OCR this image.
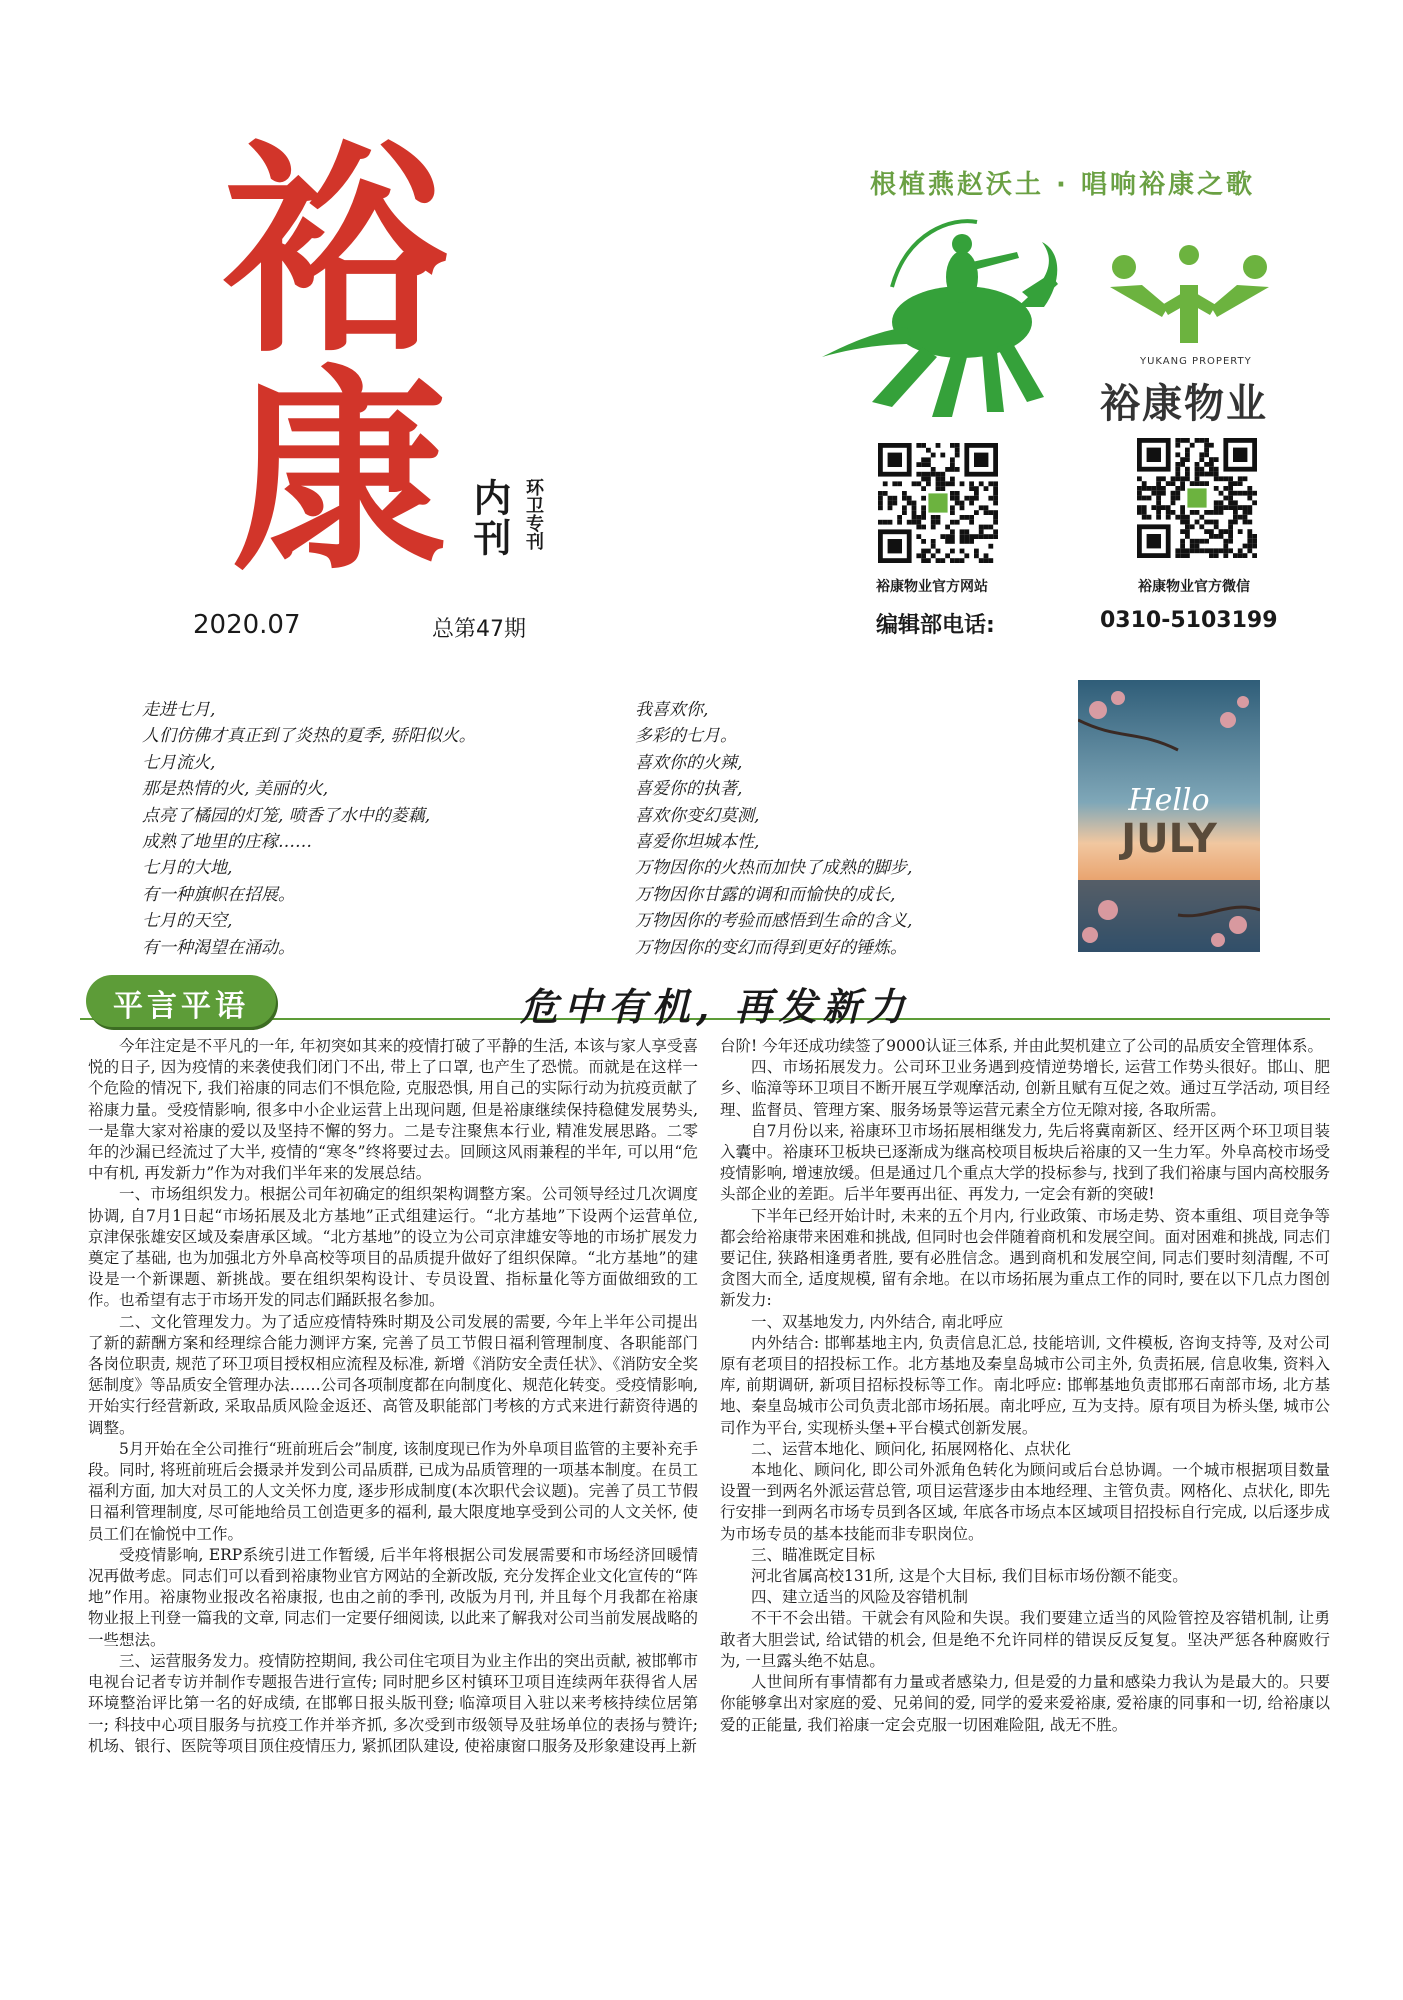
裕
康 内刊 环卫专刊
2020.07	总第47期
根植燕赵沃土 · 唱响裕康之歌
YUKANG PROPERTY
裕康物业
裕康物业官方网站	裕康物业官方微信
编辑部电话:	0310-5103199
走进七月,
人们仿佛才真正到了炎热的夏季, 骄阳似火。
七月流火,
那是热情的火, 美丽的火,
点亮了橘园的灯笼, 喷香了水中的菱藕,
成熟了地里的庄稼……
七月的大地,
有一种旗帜在招展。
七月的天空,
有一种渴望在涌动。
我喜欢你,
多彩的七月。
喜欢你的火辣,
喜爱你的执著,
喜欢你变幻莫测,
喜爱你坦城本性,
万物因你的火热而加快了成熟的脚步,
万物因你甘露的调和而愉快的成长,
万物因你的考验而感悟到生命的含义,
万物因你的变幻而得到更好的锤炼。
Hello
JULY
平言平语	危中有机, 再发新力

今年注定是不平凡的一年, 年初突如其来的疫情打破了平静的生活, 本该与家人享受喜悦的日子, 因为疫情的来袭使我们闭门不出, 带上了口罩, 也产生了恐慌。而就是在这样一个危险的情况下, 我们裕康的同志们不惧危险, 克服恐惧, 用自己的实际行动为抗疫贡献了裕康力量。受疫情影响, 很多中小企业运营上出现问题, 但是裕康继续保持稳健发展势头, 一是靠大家对裕康的爱以及坚持不懈的努力。二是专注聚焦本行业, 精准发展思路。二零年的沙漏已经流过了大半, 疫情的“寒冬”终将要过去。回顾这风雨兼程的半年, 可以用“危中有机, 再发新力”作为对我们半年来的发展总结。

一、市场组织发力。根据公司年初确定的组织架构调整方案。公司领导经过几次调度协调, 自7月1日起“市场拓展及北方基地”正式组建运行。“北方基地”下设两个运营单位, 京津保张雄安区域及秦唐承区域。“北方基地”的设立为公司京津雄安等地的市场扩展发力奠定了基础, 也为加强北方外阜高校等项目的品质提升做好了组织保障。“北方基地”的建设是一个新课题、新挑战。要在组织架构设计、专员设置、指标量化等方面做细致的工作。也希望有志于市场开发的同志们踊跃报名参加。

二、文化管理发力。为了适应疫情特殊时期及公司发展的需要, 今年上半年公司提出了新的薪酬方案和经理综合能力测评方案, 完善了员工节假日福利管理制度、各职能部门各岗位职责, 规范了环卫项目授权相应流程及标准, 新增《消防安全责任状》、《消防安全奖惩制度》等品质安全管理办法……公司各项制度都在向制度化、规范化转变。受疫情影响, 开始实行经营新政, 采取品质风险金返还、高管及职能部门考核的方式来进行薪资待遇的调整。

5月开始在全公司推行“班前班后会”制度, 该制度现已作为外阜项目监管的主要补充手段。同时, 将班前班后会摄录并发到公司品质群, 已成为品质管理的一项基本制度。在员工福利方面, 加大对员工的人文关怀力度, 逐步形成制度(本次职代会议题)。完善了员工节假日福利管理制度, 尽可能地给员工创造更多的福利, 最大限度地享受到公司的人文关怀, 使员工们在愉悦中工作。

受疫情影响, ERP系统引进工作暂缓, 后半年将根据公司发展需要和市场经济回暖情况再做考虑。同志们可以看到裕康物业官方网站的全新改版, 充分发挥企业文化宣传的“阵地”作用。裕康物业报改名裕康报, 也由之前的季刊, 改版为月刊, 并且每个月我都在裕康物业报上刊登一篇我的文章, 同志们一定要仔细阅读, 以此来了解我对公司当前发展战略的一些想法。

三、运营服务发力。疫情防控期间, 我公司住宅项目为业主作出的突出贡献, 被邯郸市电视台记者专访并制作专题报告进行宣传; 同时肥乡区村镇环卫项目连续两年获得省人居环境整治评比第一名的好成绩, 在邯郸日报头版刊登; 临漳项目入驻以来考核持续位居第一; 科技中心项目服务与抗疫工作并举齐抓, 多次受到市级领导及驻场单位的表扬与赞许; 机场、银行、医院等项目顶住疫情压力, 紧抓团队建设, 使裕康窗口服务及形象建设再上新

台阶! 今年还成功续签了9000认证三体系, 并由此契机建立了公司的品质安全管理体系。

四、市场拓展发力。公司环卫业务遇到疫情逆势增长, 运营工作势头很好。邯山、肥乡、临漳等环卫项目不断开展互学观摩活动, 创新且赋有互促之效。通过互学活动, 项目经理、监督员、管理方案、服务场景等运营元素全方位无隙对接, 各取所需。

自7月份以来, 裕康环卫市场拓展相继发力, 先后将冀南新区、经开区两个环卫项目装入囊中。裕康环卫板块已逐渐成为继高校项目板块后裕康的又一生力军。外阜高校市场受疫情影响, 增速放缓。但是通过几个重点大学的投标参与, 找到了我们裕康与国内高校服务头部企业的差距。后半年要再出征、再发力, 一定会有新的突破!

下半年已经开始计时, 未来的五个月内, 行业政策、市场走势、资本重组、项目竞争等都会给裕康带来困难和挑战, 但同时也会伴随着商机和发展空间。面对困难和挑战, 同志们要记住, 狭路相逢勇者胜, 要有必胜信念。遇到商机和发展空间, 同志们要时刻清醒, 不可贪图大而全, 适度规模, 留有余地。在以市场拓展为重点工作的同时, 要在以下几点力图创新发力:

一、双基地发力, 内外结合, 南北呼应

内外结合: 邯郸基地主内, 负责信息汇总, 技能培训, 文件模板, 咨询支持等, 及对公司原有老项目的招投标工作。北方基地及秦皇岛城市公司主外, 负责拓展, 信息收集, 资料入库, 前期调研, 新项目招标投标等工作。南北呼应: 邯郸基地负责邯邢石南部市场, 北方基地、秦皇岛城市公司负责北部市场拓展。南北呼应, 互为支持。原有项目为桥头堡, 城市公司作为平台, 实现桥头堡+平台模式创新发展。

二、运营本地化、顾问化, 拓展网格化、点状化

本地化、顾问化, 即公司外派角色转化为顾问或后台总协调。一个城市根据项目数量设置一到两名外派运营总管, 项目运营逐步由本地经理、主管负责。网格化、点状化, 即先行安排一到两名市场专员到各区域, 年底各市场点本区域项目招投标自行完成, 以后逐步成为市场专员的基本技能而非专职岗位。

三、瞄准既定目标

河北省属高校131所, 这是个大目标, 我们目标市场份额不能变。

四、建立适当的风险及容错机制

不干不会出错。干就会有风险和失误。我们要建立适当的风险管控及容错机制, 让勇敢者大胆尝试, 给试错的机会, 但是绝不允许同样的错误反反复复。坚决严惩各种腐败行为, 一旦露头绝不姑息。

人世间所有事情都有力量或者感染力, 但是爱的力量和感染力我认为是最大的。只要你能够拿出对家庭的爱、兄弟间的爱, 同学的爱来爱裕康, 爱裕康的同事和一切, 给裕康以爱的正能量, 我们裕康一定会克服一切困难险阻, 战无不胜。
